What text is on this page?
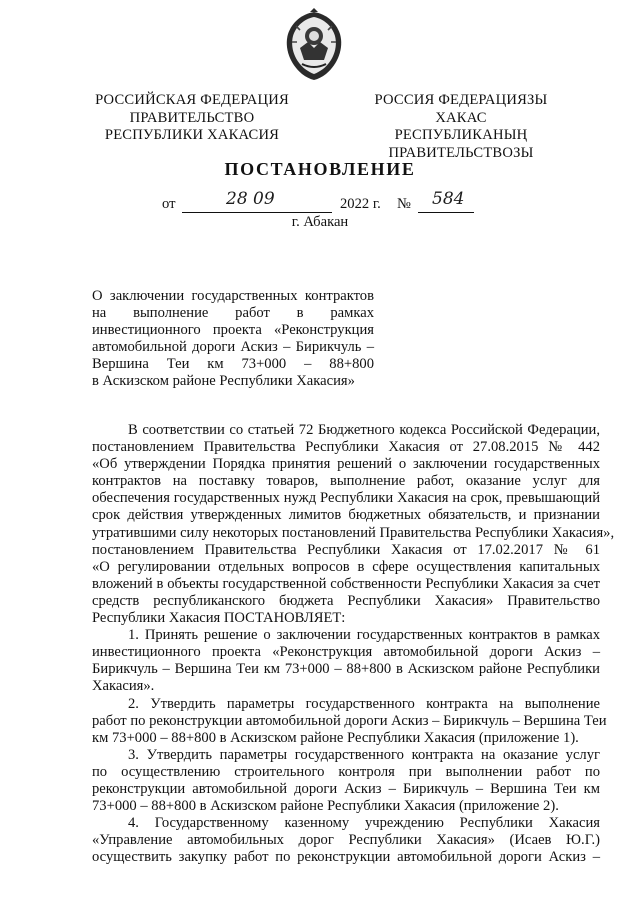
РОССИЙСКАЯ ФЕДЕРАЦИЯ
ПРАВИТЕЛЬСТВО
РЕСПУБЛИКИ ХАКАСИЯ
РОССИЯ ФЕДЕРАЦИЯЗЫ
ХАКАС РЕСПУБЛИКАНЫҢ
ПРАВИТЕЛЬСТВОЗЫ
ПОСТАНОВЛЕНИЕ
от	28 09	2022 г. № 584
г. Абакан
О заключении государственных контрактов
на выполнение работ в рамках
инвестиционного проекта «Реконструкция
автомобильной дороги Аскиз – Бирикчуль –
Вершина Теи км 73+000 – 88+800
в Аскизском районе Республики Хакасия»
В соответствии со статьей 72 Бюджетного кодекса Российской Федерации,
постановлением Правительства Республики Хакасия от 27.08.2015 № 442
«Об утверждении Порядка принятия решений о заключении государственных
контрактов на поставку товаров, выполнение работ, оказание услуг для
обеспечения государственных нужд Республики Хакасия на срок, превышающий
срок действия утвержденных лимитов бюджетных обязательств, и признании
утратившими силу некоторых постановлений Правительства Республики Хакасия»,
постановлением Правительства Республики Хакасия от 17.02.2017 № 61
«О регулировании отдельных вопросов в сфере осуществления капитальных
вложений в объекты государственной собственности Республики Хакасия за счет
средств республиканского бюджета Республики Хакасия» Правительство
Республики Хакасия ПОСТАНОВЛЯЕТ:
1. Принять решение о заключении государственных контрактов в рамках
инвестиционного проекта «Реконструкция автомобильной дороги Аскиз –
Бирикчуль – Вершина Теи км 73+000 – 88+800 в Аскизском районе Республики
Хакасия».
2. Утвердить параметры государственного контракта на выполнение
работ по реконструкции автомобильной дороги Аскиз – Бирикчуль – Вершина Теи
км 73+000 – 88+800 в Аскизском районе Республики Хакасия (приложение 1).
3. Утвердить параметры государственного контракта на оказание услуг
по осуществлению строительного контроля при выполнении работ по
реконструкции автомобильной дороги Аскиз – Бирикчуль – Вершина Теи км
73+000 – 88+800 в Аскизском районе Республики Хакасия (приложение 2).
4. Государственному казенному учреждению Республики Хакасия
«Управление автомобильных дорог Республики Хакасия» (Исаев Ю.Г.)
осуществить закупку работ по реконструкции автомобильной дороги Аскиз –
